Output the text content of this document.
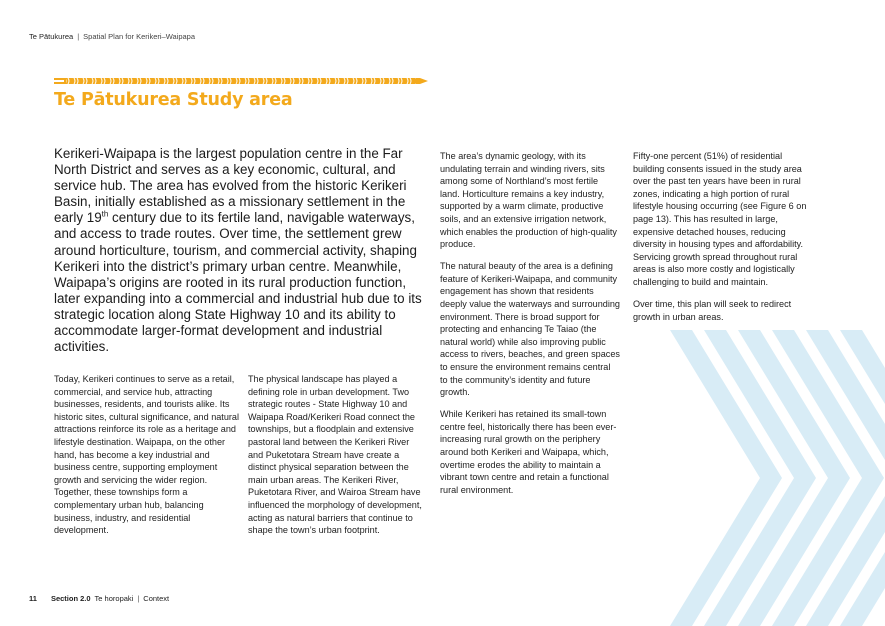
Te Pātukurea | Spatial Plan for Kerikeri–Waipapa
Te Pātukurea Study area

Kerikeri-Waipapa is the largest population centre in the Far North District and serves as a key economic, cultural, and service hub. The area has evolved from the historic Kerikeri Basin, initially established as a missionary settlement in the early 19th century due to its fertile land, navigable waterways, and access to trade routes. Over time, the settlement grew around horticulture, tourism, and commercial activity, shaping Kerikeri into the district’s primary urban centre. Meanwhile, Waipapa’s origins are rooted in its rural production function, later expanding into a commercial and industrial hub due to its strategic location along State Highway 10 and its ability to accommodate larger-format development and industrial activities.

Today, Kerikeri continues to serve as a retail, commercial, and service hub, attracting businesses, residents, and tourists alike. Its historic sites, cultural significance, and natural attractions reinforce its role as a heritage and lifestyle destination. Waipapa, on the other hand, has become a key industrial and business centre, supporting employment growth and servicing the wider region. Together, these townships form a complementary urban hub, balancing business, industry, and residential development.

The physical landscape has played a defining role in urban development. Two strategic routes - State Highway 10 and Waipapa Road/Kerikeri Road connect the townships, but a floodplain and extensive pastoral land between the Kerikeri River and Puketotara Stream have create a distinct physical separation between the main urban areas. The Kerikeri River, Puketotara River, and Wairoa Stream have influenced the morphology of development, acting as natural barriers that continue to shape the town’s urban footprint.

The area’s dynamic geology, with its undulating terrain and winding rivers, sits among some of Northland’s most fertile land. Horticulture remains a key industry, supported by a warm climate, productive soils, and an extensive irrigation network, which enables the production of high-quality produce.

The natural beauty of the area is a defining feature of Kerikeri-Waipapa, and community engagement has shown that residents deeply value the waterways and surrounding environment. There is broad support for protecting and enhancing Te Taiao (the natural world) while also improving public access to rivers, beaches, and green spaces to ensure the environment remains central to the community’s identity and future growth.

While Kerikeri has retained its small-town centre feel, historically there has been ever-increasing rural growth on the periphery around both Kerikeri and Waipapa, which, overtime erodes the ability to maintain a vibrant town centre and retain a functional rural environment.

Fifty-one percent (51%) of residential building consents issued in the study area over the past ten years have been in rural zones, indicating a high portion of rural lifestyle housing occurring (see Figure 6 on page 13). This has resulted in large, expensive detached houses, reducing diversity in housing types and affordability. Servicing growth spread throughout rural areas is also more costly and logistically challenging to build and maintain.

Over time, this plan will seek to redirect growth in urban areas.

11 Section 2.0 Te horopaki | Context
